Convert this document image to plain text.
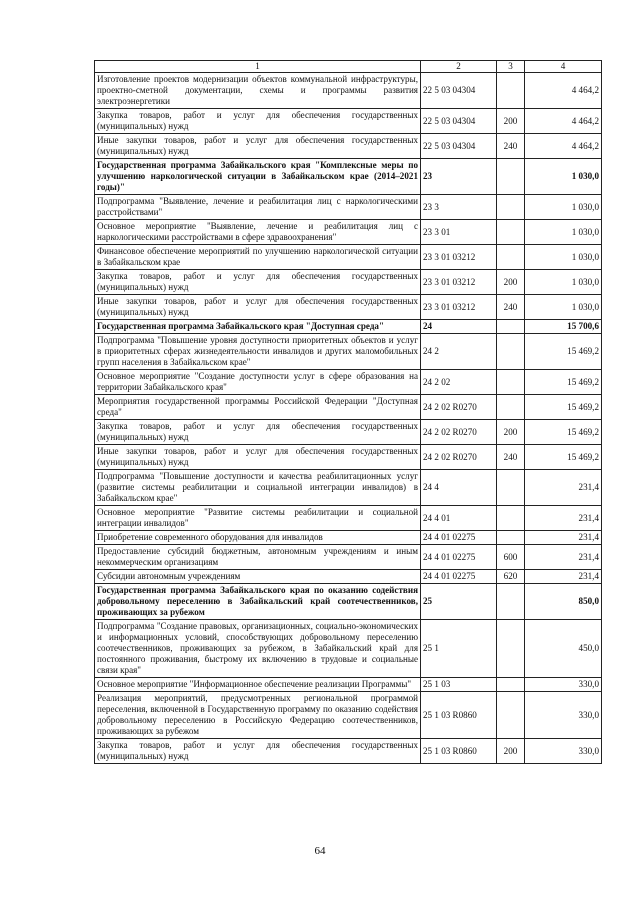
1	2	3	4
Изготовление проектов модернизации объектов коммунальной инфраструктуры, проектно-сметной документации, схемы и программы развития электроэнергетики	22 5 03 04304		4 464,2
Закупка товаров, работ и услуг для обеспечения государственных (муниципальных) нужд	22 5 03 04304	200	4 464,2
Иные закупки товаров, работ и услуг для обеспечения государственных (муниципальных) нужд	22 5 03 04304	240	4 464,2
Государственная программа Забайкальского края "Комплексные меры по улучшению наркологической ситуации в Забайкальском крае (2014–2021 годы)"	23		1 030,0
Подпрограмма "Выявление, лечение и реабилитация лиц с наркологическими расстройствами"	23 3		1 030,0
Основное мероприятие "Выявление, лечение и реабилитация лиц с наркологическими расстройствами в сфере здравоохранения"	23 3 01		1 030,0
Финансовое обеспечение мероприятий по улучшению наркологической ситуации в Забайкальском крае	23 3 01 03212		1 030,0
Закупка товаров, работ и услуг для обеспечения государственных (муниципальных) нужд	23 3 01 03212	200	1 030,0
Иные закупки товаров, работ и услуг для обеспечения государственных (муниципальных) нужд	23 3 01 03212	240	1 030,0
Государственная программа Забайкальского края "Доступная среда"	24		15 700,6
Подпрограмма "Повышение уровня доступности приоритетных объектов и услуг в приоритетных сферах жизнедеятельности инвалидов и других маломобильных групп населения в Забайкальском крае"	24 2		15 469,2
Основное мероприятие "Создание доступности услуг в сфере образования на территории Забайкальского края"	24 2 02		15 469,2
Мероприятия государственной программы Российской Федерации "Доступная среда"	24 2 02 R0270		15 469,2
Закупка товаров, работ и услуг для обеспечения государственных (муниципальных) нужд	24 2 02 R0270	200	15 469,2
Иные закупки товаров, работ и услуг для обеспечения государственных (муниципальных) нужд	24 2 02 R0270	240	15 469,2
Подпрограмма "Повышение доступности и качества реабилитационных услуг (развитие системы реабилитации и социальной интеграции инвалидов) в Забайкальском крае"	24 4		231,4
Основное мероприятие "Развитие системы реабилитации и социальной интеграции инвалидов"	24 4 01		231,4
Приобретение современного оборудования для инвалидов	24 4 01 02275		231,4
Предоставление субсидий бюджетным, автономным учреждениям и иным некоммерческим организациям	24 4 01 02275	600	231,4
Субсидии автономным учреждениям	24 4 01 02275	620	231,4
Государственная программа Забайкальского края по оказанию содействия добровольному переселению в Забайкальский край соотечественников, проживающих за рубежом	25		850,0
Подпрограмма "Создание правовых, организационных, социально-экономических и информационных условий, способствующих добровольному переселению соотечественников, проживающих за рубежом, в Забайкальский край для постоянного проживания, быстрому их включению в трудовые и социальные связи края"	25 1		450,0
Основное мероприятие "Информационное обеспечение реализации Программы"	25 1 03		330,0
Реализация мероприятий, предусмотренных региональной программой переселения, включенной в Государственную программу по оказанию содействия добровольному переселению в Российскую Федерацию соотечественников, проживающих за рубежом	25 1 03 R0860		330,0
Закупка товаров, работ и услуг для обеспечения государственных (муниципальных) нужд	25 1 03 R0860	200	330,0
64
